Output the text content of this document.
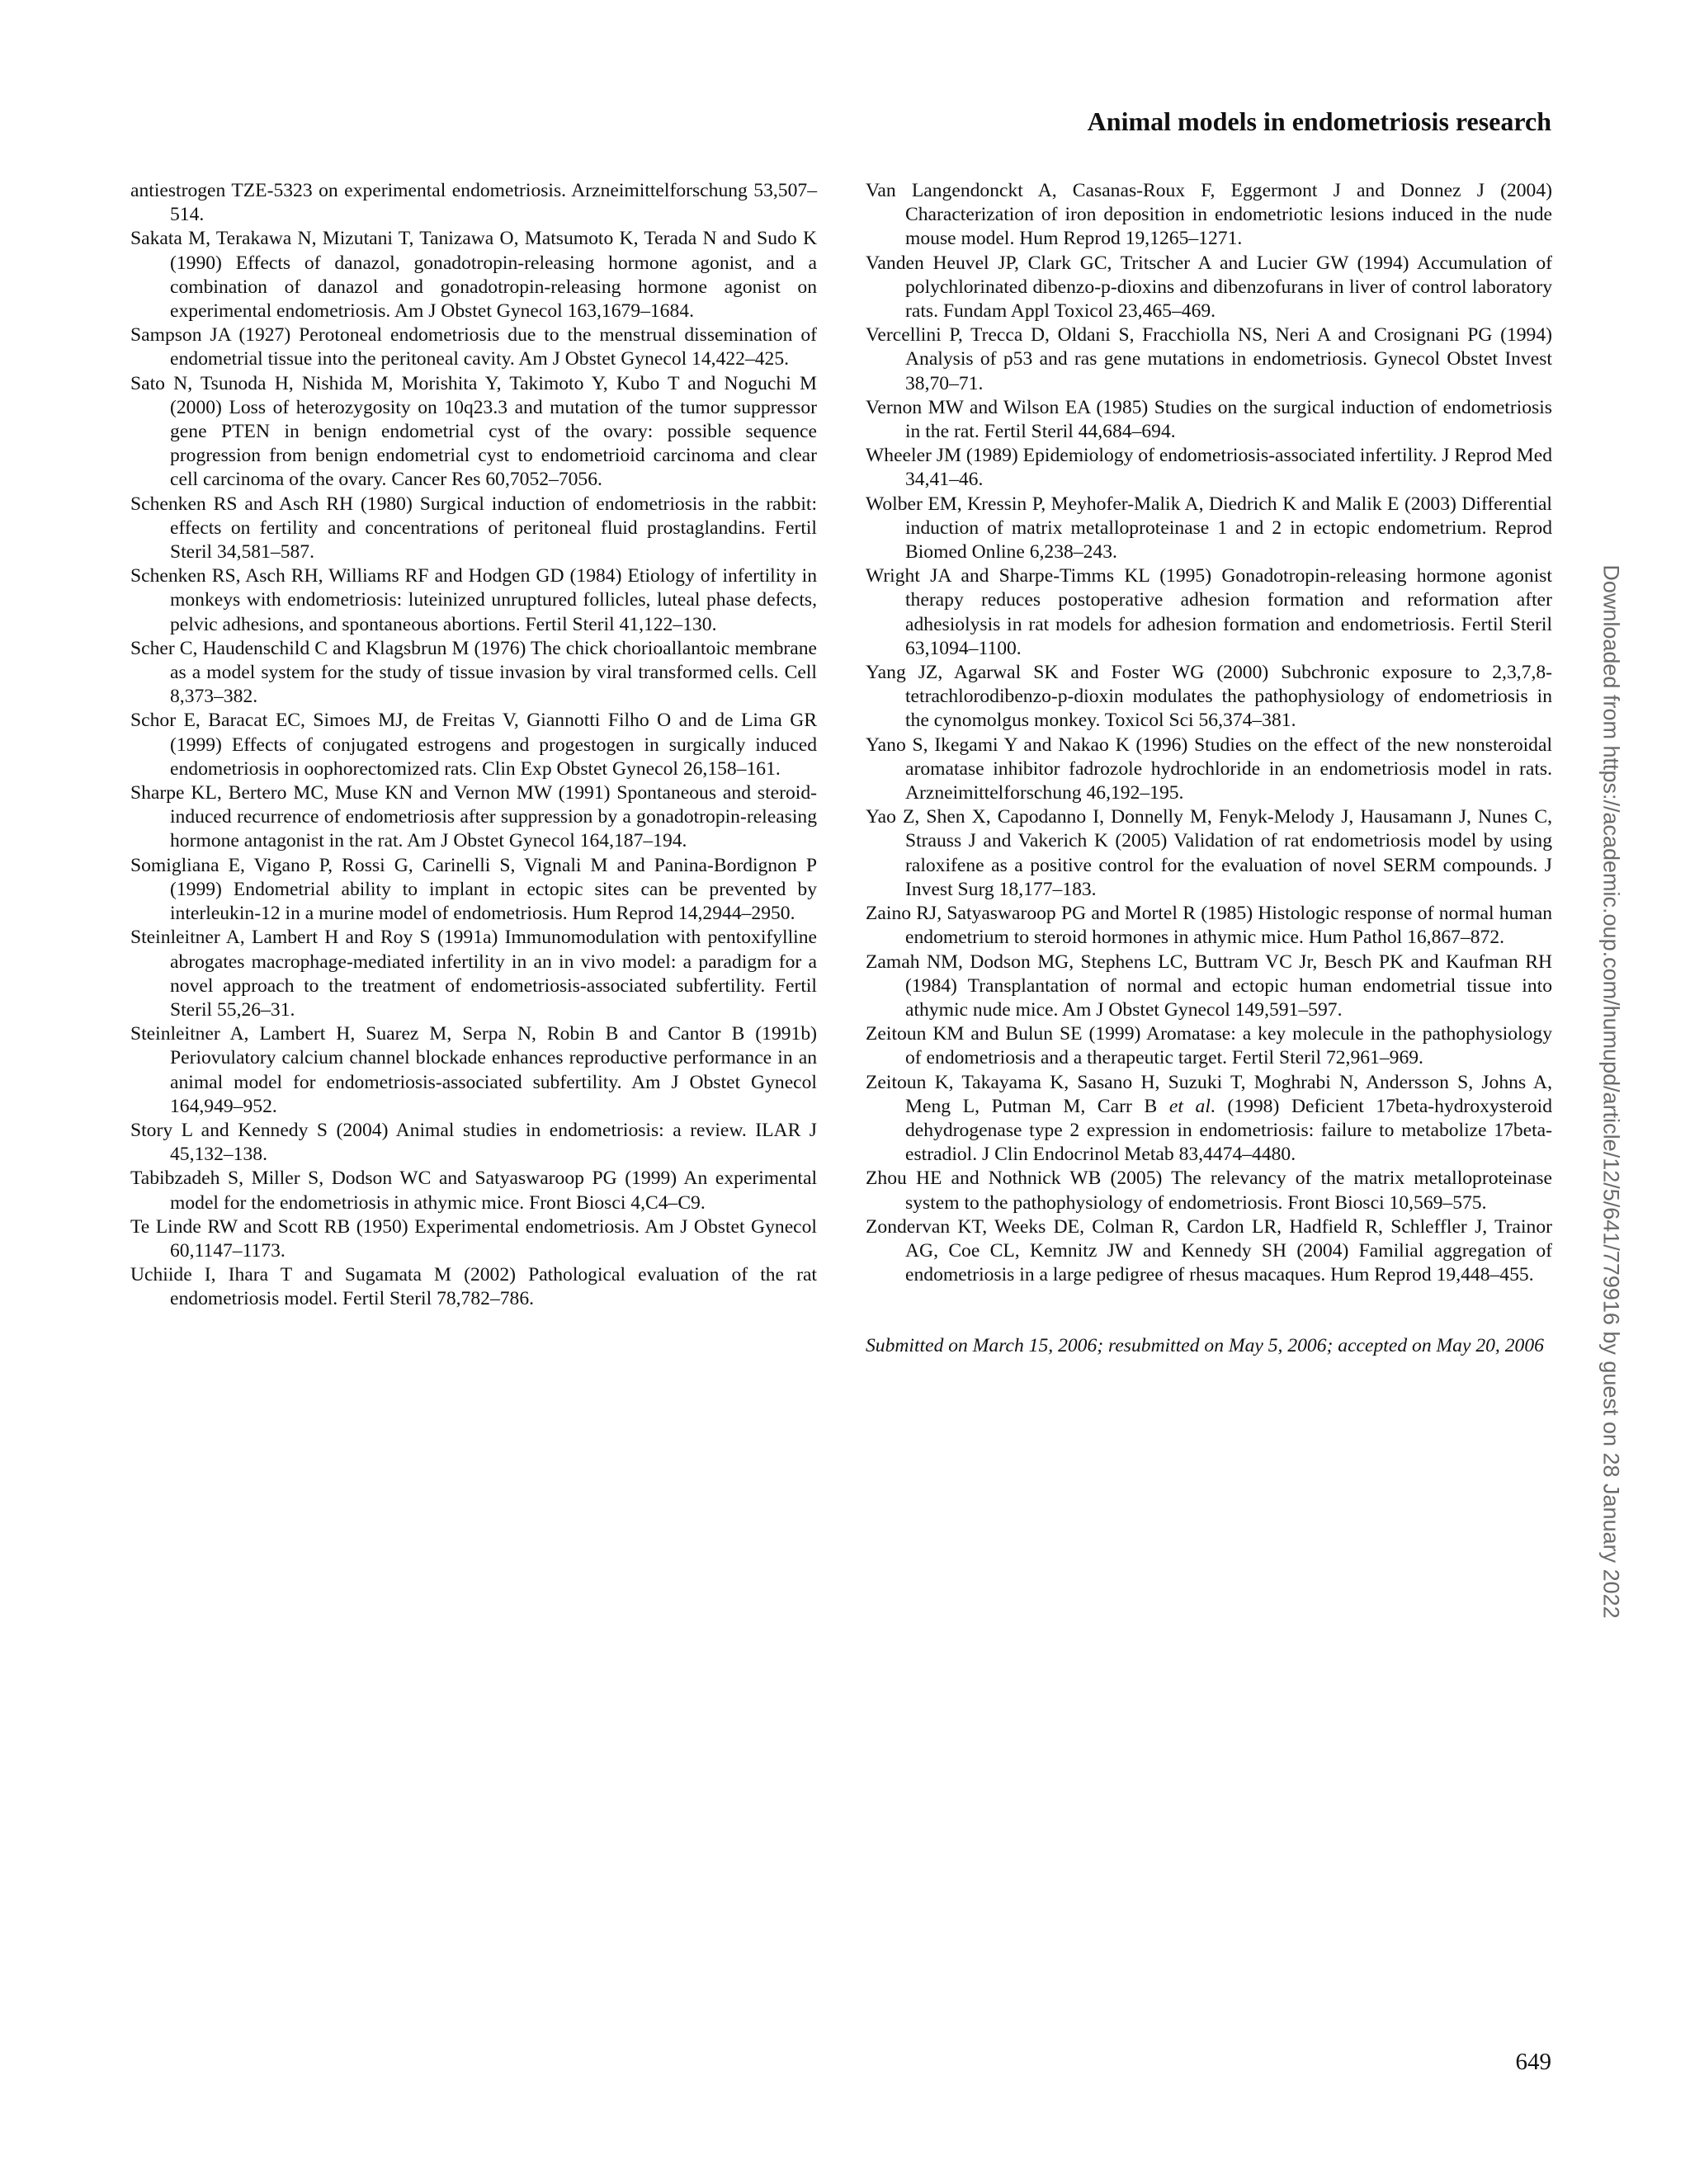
Animal models in endometriosis research

antiestrogen TZE-5323 on experimental endometriosis. Arzneimittelforschung 53,507–514.

Sakata M, Terakawa N, Mizutani T, Tanizawa O, Matsumoto K, Terada N and Sudo K (1990) Effects of danazol, gonadotropin-releasing hormone agonist, and a combination of danazol and gonadotropin-releasing hormone agonist on experimental endometriosis. Am J Obstet Gynecol 163,1679–1684.

Sampson JA (1927) Perotoneal endometriosis due to the menstrual dissemination of endometrial tissue into the peritoneal cavity. Am J Obstet Gynecol 14,422–425.

Sato N, Tsunoda H, Nishida M, Morishita Y, Takimoto Y, Kubo T and Noguchi M (2000) Loss of heterozygosity on 10q23.3 and mutation of the tumor suppressor gene PTEN in benign endometrial cyst of the ovary: possible sequence progression from benign endometrial cyst to endometrioid carcinoma and clear cell carcinoma of the ovary. Cancer Res 60,7052–7056.

Schenken RS and Asch RH (1980) Surgical induction of endometriosis in the rabbit: effects on fertility and concentrations of peritoneal fluid prostaglandins. Fertil Steril 34,581–587.

Schenken RS, Asch RH, Williams RF and Hodgen GD (1984) Etiology of infertility in monkeys with endometriosis: luteinized unruptured follicles, luteal phase defects, pelvic adhesions, and spontaneous abortions. Fertil Steril 41,122–130.

Scher C, Haudenschild C and Klagsbrun M (1976) The chick chorioallantoic membrane as a model system for the study of tissue invasion by viral transformed cells. Cell 8,373–382.

Schor E, Baracat EC, Simoes MJ, de Freitas V, Giannotti Filho O and de Lima GR (1999) Effects of conjugated estrogens and progestogen in surgically induced endometriosis in oophorectomized rats. Clin Exp Obstet Gynecol 26,158–161.

Sharpe KL, Bertero MC, Muse KN and Vernon MW (1991) Spontaneous and steroid-induced recurrence of endometriosis after suppression by a gonadotropin-releasing hormone antagonist in the rat. Am J Obstet Gynecol 164,187–194.

Somigliana E, Vigano P, Rossi G, Carinelli S, Vignali M and Panina-Bordignon P (1999) Endometrial ability to implant in ectopic sites can be prevented by interleukin-12 in a murine model of endometriosis. Hum Reprod 14,2944–2950.

Steinleitner A, Lambert H and Roy S (1991a) Immunomodulation with pentoxifylline abrogates macrophage-mediated infertility in an in vivo model: a paradigm for a novel approach to the treatment of endometriosis-associated subfertility. Fertil Steril 55,26–31.

Steinleitner A, Lambert H, Suarez M, Serpa N, Robin B and Cantor B (1991b) Periovulatory calcium channel blockade enhances reproductive performance in an animal model for endometriosis-associated subfertility. Am J Obstet Gynecol 164,949–952.

Story L and Kennedy S (2004) Animal studies in endometriosis: a review. ILAR J 45,132–138.

Tabibzadeh S, Miller S, Dodson WC and Satyaswaroop PG (1999) An experimental model for the endometriosis in athymic mice. Front Biosci 4,C4–C9.

Te Linde RW and Scott RB (1950) Experimental endometriosis. Am J Obstet Gynecol 60,1147–1173.

Uchiide I, Ihara T and Sugamata M (2002) Pathological evaluation of the rat endometriosis model. Fertil Steril 78,782–786.

Van Langendonckt A, Casanas-Roux F, Eggermont J and Donnez J (2004) Characterization of iron deposition in endometriotic lesions induced in the nude mouse model. Hum Reprod 19,1265–1271.

Vanden Heuvel JP, Clark GC, Tritscher A and Lucier GW (1994) Accumulation of polychlorinated dibenzo-p-dioxins and dibenzofurans in liver of control laboratory rats. Fundam Appl Toxicol 23,465–469.

Vercellini P, Trecca D, Oldani S, Fracchiolla NS, Neri A and Crosignani PG (1994) Analysis of p53 and ras gene mutations in endometriosis. Gynecol Obstet Invest 38,70–71.

Vernon MW and Wilson EA (1985) Studies on the surgical induction of endometriosis in the rat. Fertil Steril 44,684–694.

Wheeler JM (1989) Epidemiology of endometriosis-associated infertility. J Reprod Med 34,41–46.

Wolber EM, Kressin P, Meyhofer-Malik A, Diedrich K and Malik E (2003) Differential induction of matrix metalloproteinase 1 and 2 in ectopic endometrium. Reprod Biomed Online 6,238–243.

Wright JA and Sharpe-Timms KL (1995) Gonadotropin-releasing hormone agonist therapy reduces postoperative adhesion formation and reformation after adhesiolysis in rat models for adhesion formation and endometriosis. Fertil Steril 63,1094–1100.

Yang JZ, Agarwal SK and Foster WG (2000) Subchronic exposure to 2,3,7,8-tetrachlorodibenzo-p-dioxin modulates the pathophysiology of endometriosis in the cynomolgus monkey. Toxicol Sci 56,374–381.

Yano S, Ikegami Y and Nakao K (1996) Studies on the effect of the new nonsteroidal aromatase inhibitor fadrozole hydrochloride in an endometriosis model in rats. Arzneimittelforschung 46,192–195.

Yao Z, Shen X, Capodanno I, Donnelly M, Fenyk-Melody J, Hausamann J, Nunes C, Strauss J and Vakerich K (2005) Validation of rat endometriosis model by using raloxifene as a positive control for the evaluation of novel SERM compounds. J Invest Surg 18,177–183.

Zaino RJ, Satyaswaroop PG and Mortel R (1985) Histologic response of normal human endometrium to steroid hormones in athymic mice. Hum Pathol 16,867–872.

Zamah NM, Dodson MG, Stephens LC, Buttram VC Jr, Besch PK and Kaufman RH (1984) Transplantation of normal and ectopic human endometrial tissue into athymic nude mice. Am J Obstet Gynecol 149,591–597.

Zeitoun KM and Bulun SE (1999) Aromatase: a key molecule in the pathophysiology of endometriosis and a therapeutic target. Fertil Steril 72,961–969.

Zeitoun K, Takayama K, Sasano H, Suzuki T, Moghrabi N, Andersson S, Johns A, Meng L, Putman M, Carr B et al. (1998) Deficient 17beta-hydroxysteroid dehydrogenase type 2 expression in endometriosis: failure to metabolize 17beta-estradiol. J Clin Endocrinol Metab 83,4474–4480.

Zhou HE and Nothnick WB (2005) The relevancy of the matrix metalloproteinase system to the pathophysiology of endometriosis. Front Biosci 10,569–575.

Zondervan KT, Weeks DE, Colman R, Cardon LR, Hadfield R, Schleffler J, Trainor AG, Coe CL, Kemnitz JW and Kennedy SH (2004) Familial aggregation of endometriosis in a large pedigree of rhesus macaques. Hum Reprod 19,448–455.

Submitted on March 15, 2006; resubmitted on May 5, 2006; accepted on May 20, 2006	Downloaded from https://academic.oup.com/humupd/article/12/5/641/779916 by guest on 28 January 2022
649
